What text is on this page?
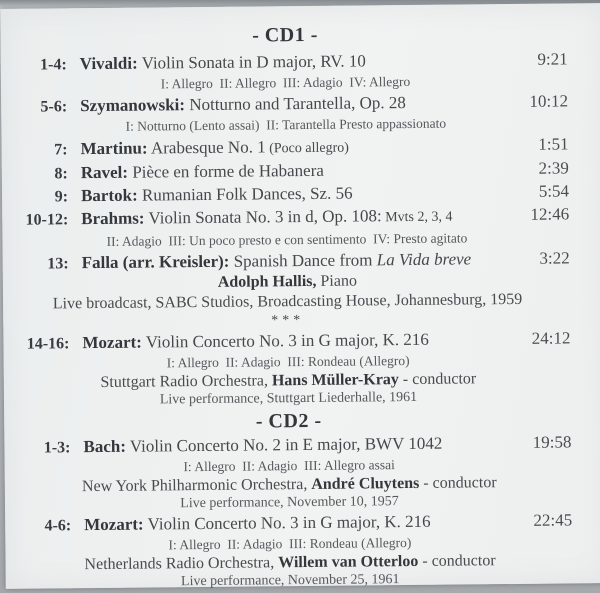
- CD1 -
1-4: Vivaldi: Violin Sonata in D major, RV. 10	9:21
I: Allegro  II: Allegro  III: Adagio  IV: Allegro
5-6: Szymanowski: Notturno and Tarantella, Op. 28	10:12
I: Notturno (Lento assai)  II: Tarantella Presto appassionato
7: Martinu: Arabesque No. 1 (Poco allegro)	1:51
8: Ravel: Pièce en forme de Habanera	2:39
9: Bartok: Rumanian Folk Dances, Sz. 56	5:54
10-12: Brahms: Violin Sonata No. 3 in d, Op. 108: Mvts 2, 3, 4	12:46
II: Adagio  III: Un poco presto e con sentimento  IV: Presto agitato
13: Falla (arr. Kreisler): Spanish Dance from La Vida breve	3:22
Adolph Hallis, Piano
Live broadcast, SABC Studios, Broadcasting House, Johannesburg, 1959
***
14-16: Mozart: Violin Concerto No. 3 in G major, K. 216	24:12
I: Allegro  II: Adagio  III: Rondeau (Allegro)
Stuttgart Radio Orchestra, Hans Müller-Kray - conductor
Live performance, Stuttgart Liederhalle, 1961
- CD2 -
1-3: Bach: Violin Concerto No. 2 in E major, BWV 1042	19:58
I: Allegro  II: Adagio  III: Allegro assai
New York Philharmonic Orchestra, André Cluytens - conductor
Live performance, November 10, 1957
4-6: Mozart: Violin Concerto No. 3 in G major, K. 216	22:45
I: Allegro  II: Adagio  III: Rondeau (Allegro)
Netherlands Radio Orchestra, Willem van Otterloo - conductor
Live performance, November 25, 1961
